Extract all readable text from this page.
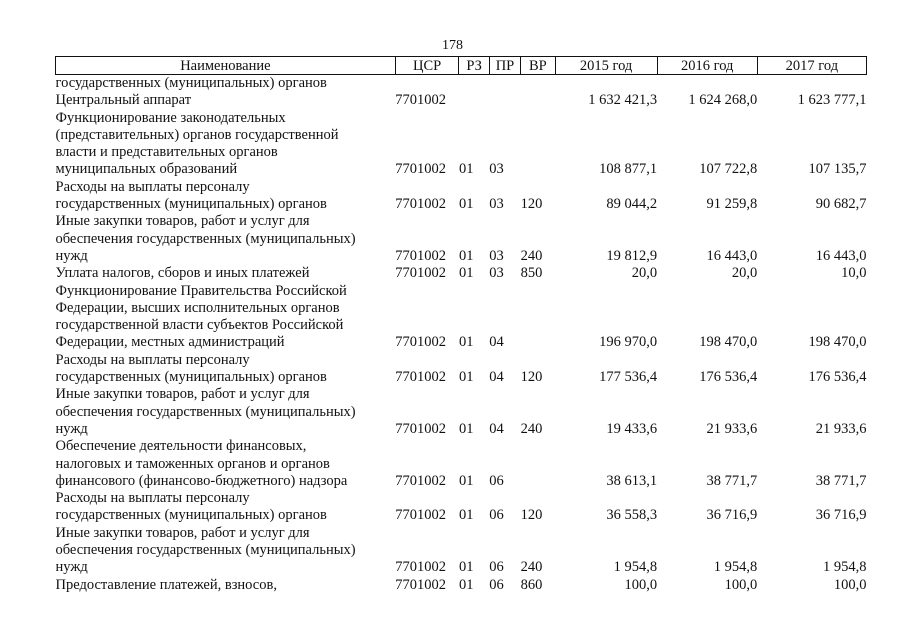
178
Наименование	ЦСР	РЗ	ПР	ВР	2015 год	2016 год	2017 год
государственных (муниципальных) органов							
Центральный аппарат	7701002				1 632 421,3	1 624 268,0	1 623 777,1
Функционирование законодательных							
(представительных) органов государственной							
власти и представительных органов							
муниципальных образований	7701002	01	03		108 877,1	107 722,8	107 135,7
Расходы на выплаты персоналу							
государственных (муниципальных) органов	7701002	01	03	120	89 044,2	91 259,8	90 682,7
Иные закупки товаров, работ и услуг для							
обеспечения государственных (муниципальных)							
нужд	7701002	01	03	240	19 812,9	16 443,0	16 443,0
Уплата налогов, сборов и иных платежей	7701002	01	03	850	20,0	20,0	10,0
Функционирование Правительства Российской							
Федерации, высших исполнительных органов							
государственной власти субъектов Российской							
Федерации, местных администраций	7701002	01	04		196 970,0	198 470,0	198 470,0
Расходы на выплаты персоналу							
государственных (муниципальных) органов	7701002	01	04	120	177 536,4	176 536,4	176 536,4
Иные закупки товаров, работ и услуг для							
обеспечения государственных (муниципальных)							
нужд	7701002	01	04	240	19 433,6	21 933,6	21 933,6
Обеспечение деятельности финансовых,							
налоговых и таможенных органов и органов							
финансового (финансово-бюджетного) надзора	7701002	01	06		38 613,1	38 771,7	38 771,7
Расходы на выплаты персоналу							
государственных (муниципальных) органов	7701002	01	06	120	36 558,3	36 716,9	36 716,9
Иные закупки товаров, работ и услуг для							
обеспечения государственных (муниципальных)							
нужд	7701002	01	06	240	1 954,8	1 954,8	1 954,8
Предоставление платежей, взносов,	7701002	01	06	860	100,0	100,0	100,0
